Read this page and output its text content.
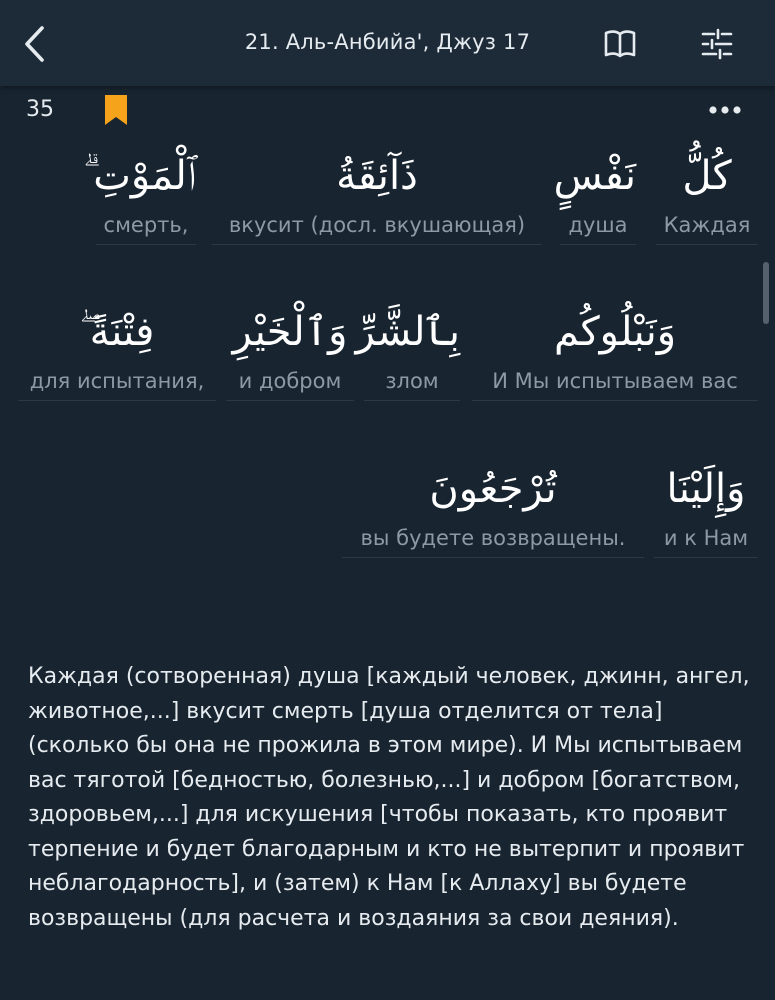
21. Аль-Анбийа', Джуз 17
35
كُلُّ
Каждая
نَفْسٍ
душа
ذَآئِقَةُ
вкусит (досл. вкушающая)
ٱلْمَوْتِ ۗ
смерть,
وَنَبْلُوكُم
И Мы испытываем вас
بِٱلشَّرِّ
злом
وَٱلْخَيْرِ
и добром
فِتْنَةً ۖ
для испытания,
وَإِلَيْنَا
и к Нам
تُرْجَعُونَ
вы будете возвращены.
Каждая (сотворенная) душа [каждый человек, джинн, ангел, животное,...] вкусит смерть [душа отделится от тела] (сколько бы она не прожила в этом мире). И Мы испытываем вас тяготой [бедностью, болезнью,...] и добром [богатством, здоровьем,...] для искушения [чтобы показать, кто проявит терпение и будет благодарным и кто не вытерпит и проявит неблагодарность], и (затем) к Нам [к Аллаху] вы будете возвращены (для расчета и воздаяния за свои деяния).
